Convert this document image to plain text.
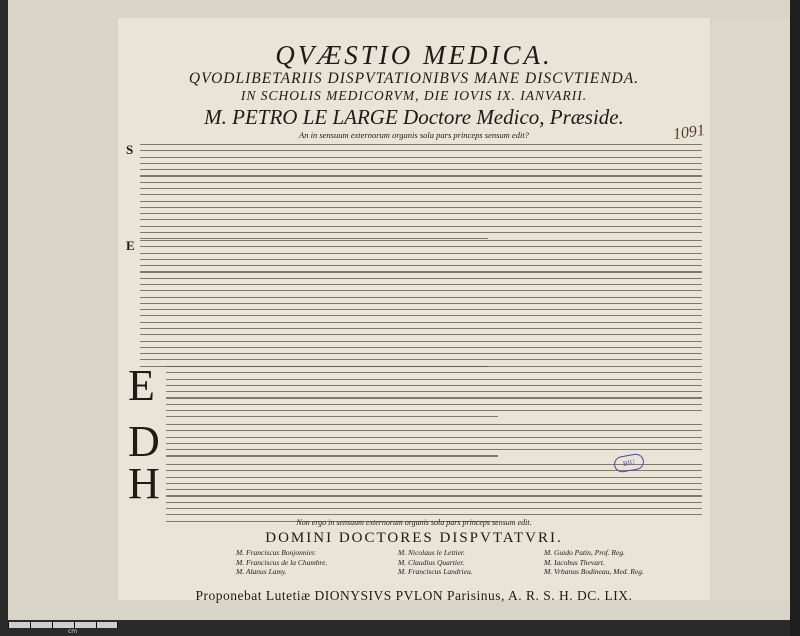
QVÆSTIO MEDICA.
QVODLIBETARIIS DISPVTATIONIBVS MANE DISCVTIENDA.
IN SCHOLIS MEDICORVM, DIE IOVIS IX. IANVARII.
M. PETRO LE LARGE Doctore Medico, Præside.
An in sensuum externorum organis sola pars princeps sensum edit?	1091
S
E
E
D
H	BIU
Non ergo in sensuum externorum organis sola pars princeps sensum edit.
DOMINI DOCTORES DISPVTATVRI.
M. Franciscus Bonjonnier.
M. Franciscus de la Chambre.
M. Alanus Lamy.
M. Nicolaus le Lettier.
M. Claudius Quartier.
M. Franciscus Landrieu.
M. Guido Patin, Prof. Reg.
M. Iacobus Thevart.
M. Vrbanus Bodineau, Med. Reg.
Proponebat Lutetiæ DIONYSIVS PVLON Parisinus, A. R. S. H. DC. LIX.
cm
